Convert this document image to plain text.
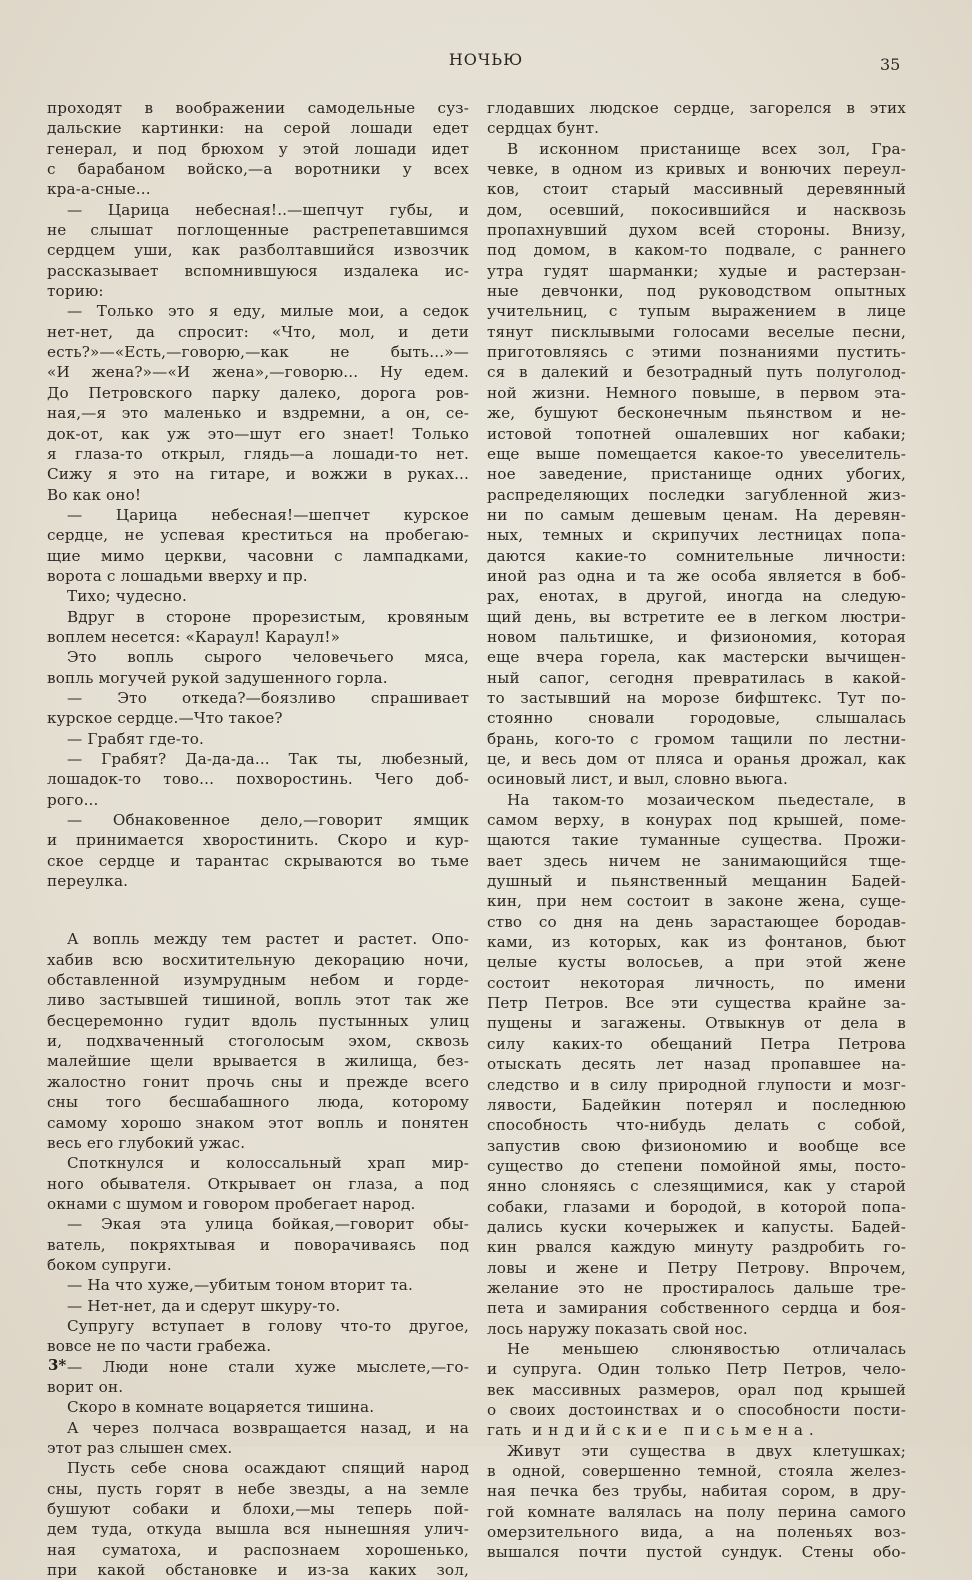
НОЧЬЮ	35
проходят в воображении самодельные суз-
дальские картинки: на серой лошади едет
генерал, и под брюхом у этой лошади идет
с барабаном войско,—а воротники у всех
кра-а-сные...
— Царица небесная!..—шепчут губы, и
не слышат поглощенные растрепетавшимся
сердцем уши, как разболтавшийся извозчик
рассказывает вспомнившуюся издалека ис-
торию:
— Только это я еду, милые мои, а седок
нет-нет, да спросит: «Что, мол, и дети
есть?»—«Есть,—говорю,—как не быть...»—
«И жена?»—«И жена»,—говорю... Ну едем.
До Петровского парку далеко, дорога ров-
ная,—я это маленько и вздремни, а он, се-
док-от, как уж это—шут его знает! Только
я глаза-то открыл, глядь—а лошади-то нет.
Сижу я это на гитаре, и вожжи в руках...
Во как оно!
— Царица небесная!—шепчет курское
сердце, не успевая креститься на пробегаю-
щие мимо церкви, часовни с лампадками,
ворота с лошадьми вверху и пр.
Тихо; чудесно.
Вдруг в стороне прорезистым, кровяным
воплем несется: «Караул! Караул!»
Это вопль сырого человечьего мяса,
вопль могучей рукой задушенного горла.
— Это откеда?—боязливо спрашивает
курское сердце.—Что такое?
— Грабят где-то.
— Грабят? Да-да-да... Так ты, любезный,
лошадок-то тово... похворостинь. Чего доб-
рого...
— Обнаковенное дело,—говорит ямщик
и принимается хворостинить. Скоро и кур-
ское сердце и тарантас скрываются во тьме
переулка.
А вопль между тем растет и растет. Опо-
хабив всю восхитительную декорацию ночи,
обставленной изумрудным небом и горде-
ливо застывшей тишиной, вопль этот так же
бесцеремонно гудит вдоль пустынных улиц
и, подхваченный стоголосым эхом, сквозь
малейшие щели врывается в жилища, без-
жалостно гонит прочь сны и прежде всего
сны того бесшабашного люда, которому
самому хорошо знаком этот вопль и понятен
весь его глубокий ужас.
Споткнулся и колоссальный храп мир-
ного обывателя. Открывает он глаза, а под
окнами с шумом и говором пробегает народ.
— Экая эта улица бойкая,—говорит обы-
ватель, покряхтывая и поворачиваясь под
боком супруги.
— На что хуже,—убитым тоном вторит та.
— Нет-нет, да и сдерут шкуру-то.
Супругу вступает в голову что-то другое,
вовсе не по части грабежа.
— Люди ноне стали хуже мыслете,—го-
ворит он.
Скоро в комнате воцаряется тишина.
А через полчаса возвращается назад, и на
этот раз слышен смех.
Пусть себе снова осаждают спящий народ
сны, пусть горят в небе звезды, а на земле
бушуют собаки и блохи,—мы теперь пой-
дем туда, откуда вышла вся нынешняя улич-
ная суматоха, и распознаем хорошенько,
при какой обстановке и из-за каких зол,
глодавших людское сердце, загорелся в этих
сердцах бунт.
В исконном пристанище всех зол, Гра-
чевке, в одном из кривых и вонючих переул-
ков, стоит старый массивный деревянный
дом, осевший, покосившийся и насквозь
пропахнувший духом всей стороны. Внизу,
под домом, в каком-то подвале, с раннего
утра гудят шарманки; худые и растерзан-
ные девчонки, под руководством опытных
учительниц, с тупым выражением в лице
тянут писклывыми голосами веселые песни,
приготовляясь с этими познаниями пустить-
ся в далекий и безотрадный путь полуголод-
ной жизни. Немного повыше, в первом эта-
же, бушуют бесконечным пьянством и не-
истовой топотней ошалевших ног кабаки;
еще выше помещается какое-то увеселитель-
ное заведение, пристанище одних убогих,
распределяющих последки загубленной жиз-
ни по самым дешевым ценам. На деревян-
ных, темных и скрипучих лестницах попа-
даются какие-то сомнительные личности:
иной раз одна и та же особа является в боб-
рах, енотах, в другой, иногда на следую-
щий день, вы встретите ее в легком люстри-
новом пальтишке, и физиономия, которая
еще вчера горела, как мастерски вычищен-
ный сапог, сегодня превратилась в какой-
то застывший на морозе бифштекс. Тут по-
стоянно сновали городовые, слышалась
брань, кого-то с громом тащили по лестни-
це, и весь дом от пляса и оранья дрожал, как
осиновый лист, и выл, словно вьюга.
На таком-то мозаическом пьедестале, в
самом верху, в конурах под крышей, поме-
щаются такие туманные существа. Прожи-
вает здесь ничем не занимающийся тще-
душный и пьянственный мещанин Бадей-
кин, при нем состоит в законе жена, суще-
ство со дня на день зарастающее бородав-
ками, из которых, как из фонтанов, бьют
целые кусты волосьев, а при этой жене
состоит некоторая личность, по имени
Петр Петров. Все эти существа крайне за-
пущены и загажены. Отвыкнув от дела в
силу каких-то обещаний Петра Петрова
отыскать десять лет назад пропавшее на-
следство и в силу природной глупости и мозг-
лявости, Бадейкин потерял и последнюю
способность что-нибудь делать с собой,
запустив свою физиономию и вообще все
существо до степени помойной ямы, посто-
янно слоняясь с слезящимися, как у старой
собаки, глазами и бородой, в которой попа-
дались куски кочерыжек и капусты. Бадей-
кин рвался каждую минуту раздробить го-
ловы и жене и Петру Петрову. Впрочем,
желание это не простиралось дальше тре-
пета и замирания собственного сердца и боя-
лось наружу показать свой нос.
Не меньшею слюнявостью отличалась
и супруга. Один только Петр Петров, чело-
век массивных размеров, орал под крышей
о своих достоинствах и о способности пости-
гать индийские письмена.
Живут эти существа в двух клетушках;
в одной, совершенно темной, стояла желез-
ная печка без трубы, набитая сором, в дру-
гой комнате валялась на полу перина самого
омерзительного вида, а на поленьях воз-
вышался почти пустой сундук. Стены обо-
3*
